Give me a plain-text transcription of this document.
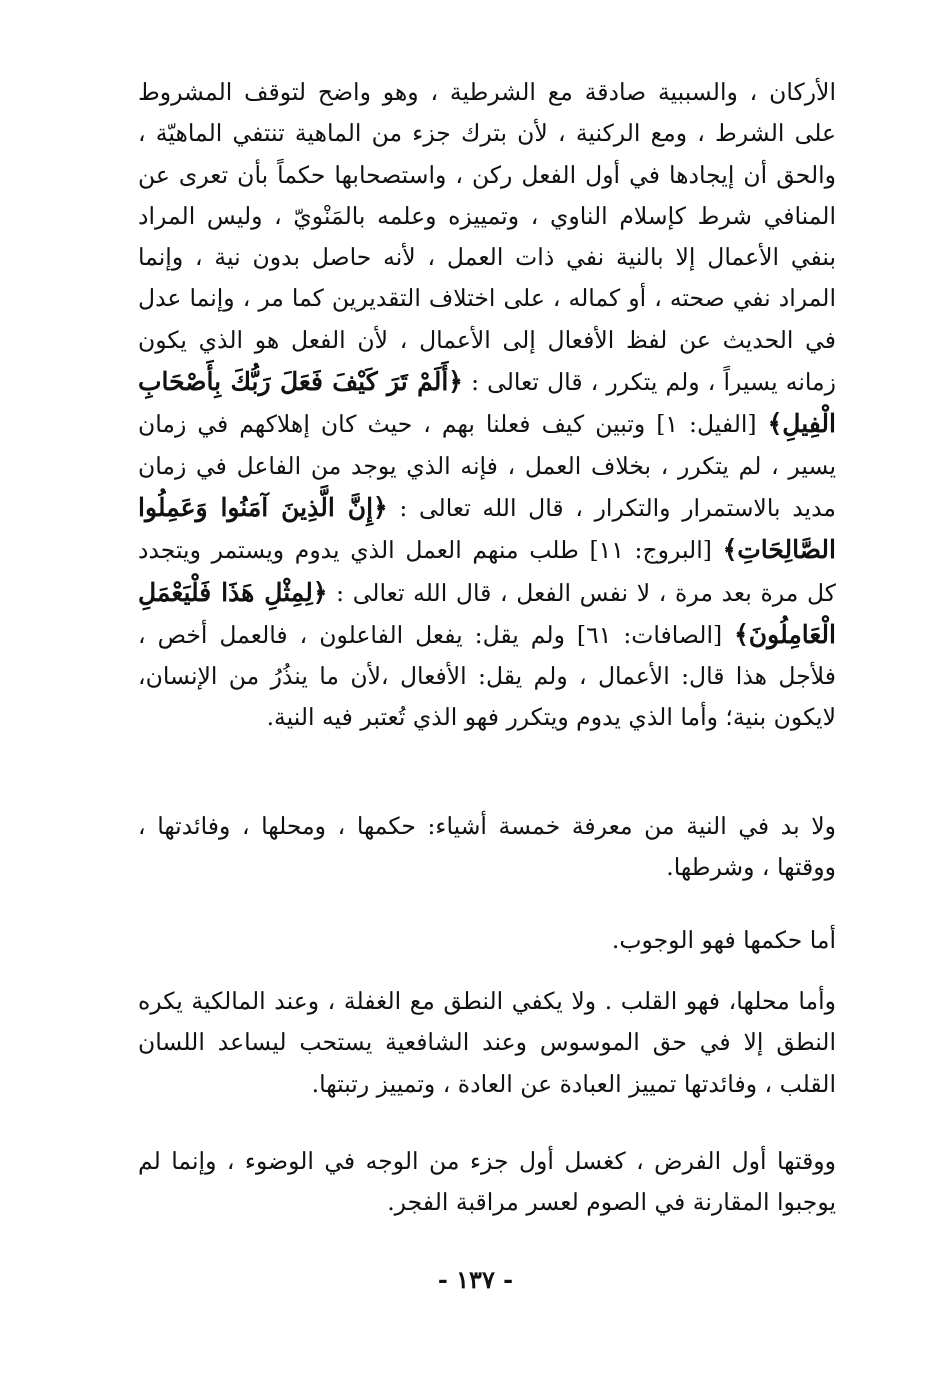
الأركان ، والسببية صادقة مع الشرطية ، وهو واضح لتوقف المشروط على الشرط ، ومع الركنية ، لأن بترك جزء من الماهية تنتفي الماهيّة ، والحق أن إيجادها في أول الفعل ركن ، واستصحابها حكماً بأن تعرى عن المنافي شرط كإسلام الناوي ، وتمييزه وعلمه بالمَنْويّ ، وليس المراد بنفي الأعمال إلا بالنية نفي ذات العمل ، لأنه حاصل بدون نية ، وإنما المراد نفي صحته ، أو كماله ، على اختلاف التقديرين كما مر ، وإنما عدل في الحديث عن لفظ الأفعال إلى الأعمال ، لأن الفعل هو الذي يكون زمانه يسيراً ، ولم يتكرر ، قال تعالى : ﴿أَلَمْ تَرَ كَيْفَ فَعَلَ رَبُّكَ بِأَصْحَابِ الْفِيلِ﴾ [الفيل: ١] وتبين كيف فعلنا بهم ، حيث كان إهلاكهم في زمان يسير ، لم يتكرر ، بخلاف العمل ، فإنه الذي يوجد من الفاعل في زمان مديد بالاستمرار والتكرار ، قال الله تعالى : ﴿إِنَّ الَّذِينَ آمَنُوا وَعَمِلُوا الصَّالِحَاتِ﴾ [البروج: ١١] طلب منهم العمل الذي يدوم ويستمر ويتجدد كل مرة بعد مرة ، لا نفس الفعل ، قال الله تعالى : ﴿لِمِثْلِ هَذَا فَلْيَعْمَلِ الْعَامِلُونَ﴾ [الصافات: ٦١] ولم يقل: يفعل الفاعلون ، فالعمل أخص ، فلأجل هذا قال: الأعمال ، ولم يقل: الأفعال ،لأن ما ينذُرُ من الإنسان، لايكون بنية؛ وأما الذي يدوم ويتكرر فهو الذي تُعتبر فيه النية.

ولا بد في النية من معرفة خمسة أشياء: حكمها ، ومحلها ، وفائدتها ، ووقتها ، وشرطها.

أما حكمها فهو الوجوب.

وأما محلها، فهو القلب . ولا يكفي النطق مع الغفلة ، وعند المالكية يكره النطق إلا في حق الموسوس وعند الشافعية يستحب ليساعد اللسان القلب ، وفائدتها تمييز العبادة عن العادة ، وتمييز رتبتها.

ووقتها أول الفرض ، كغسل أول جزء من الوجه في الوضوء ، وإنما لم يوجبوا المقارنة في الصوم لعسر مراقبة الفجر.

- ١٣٧ -
